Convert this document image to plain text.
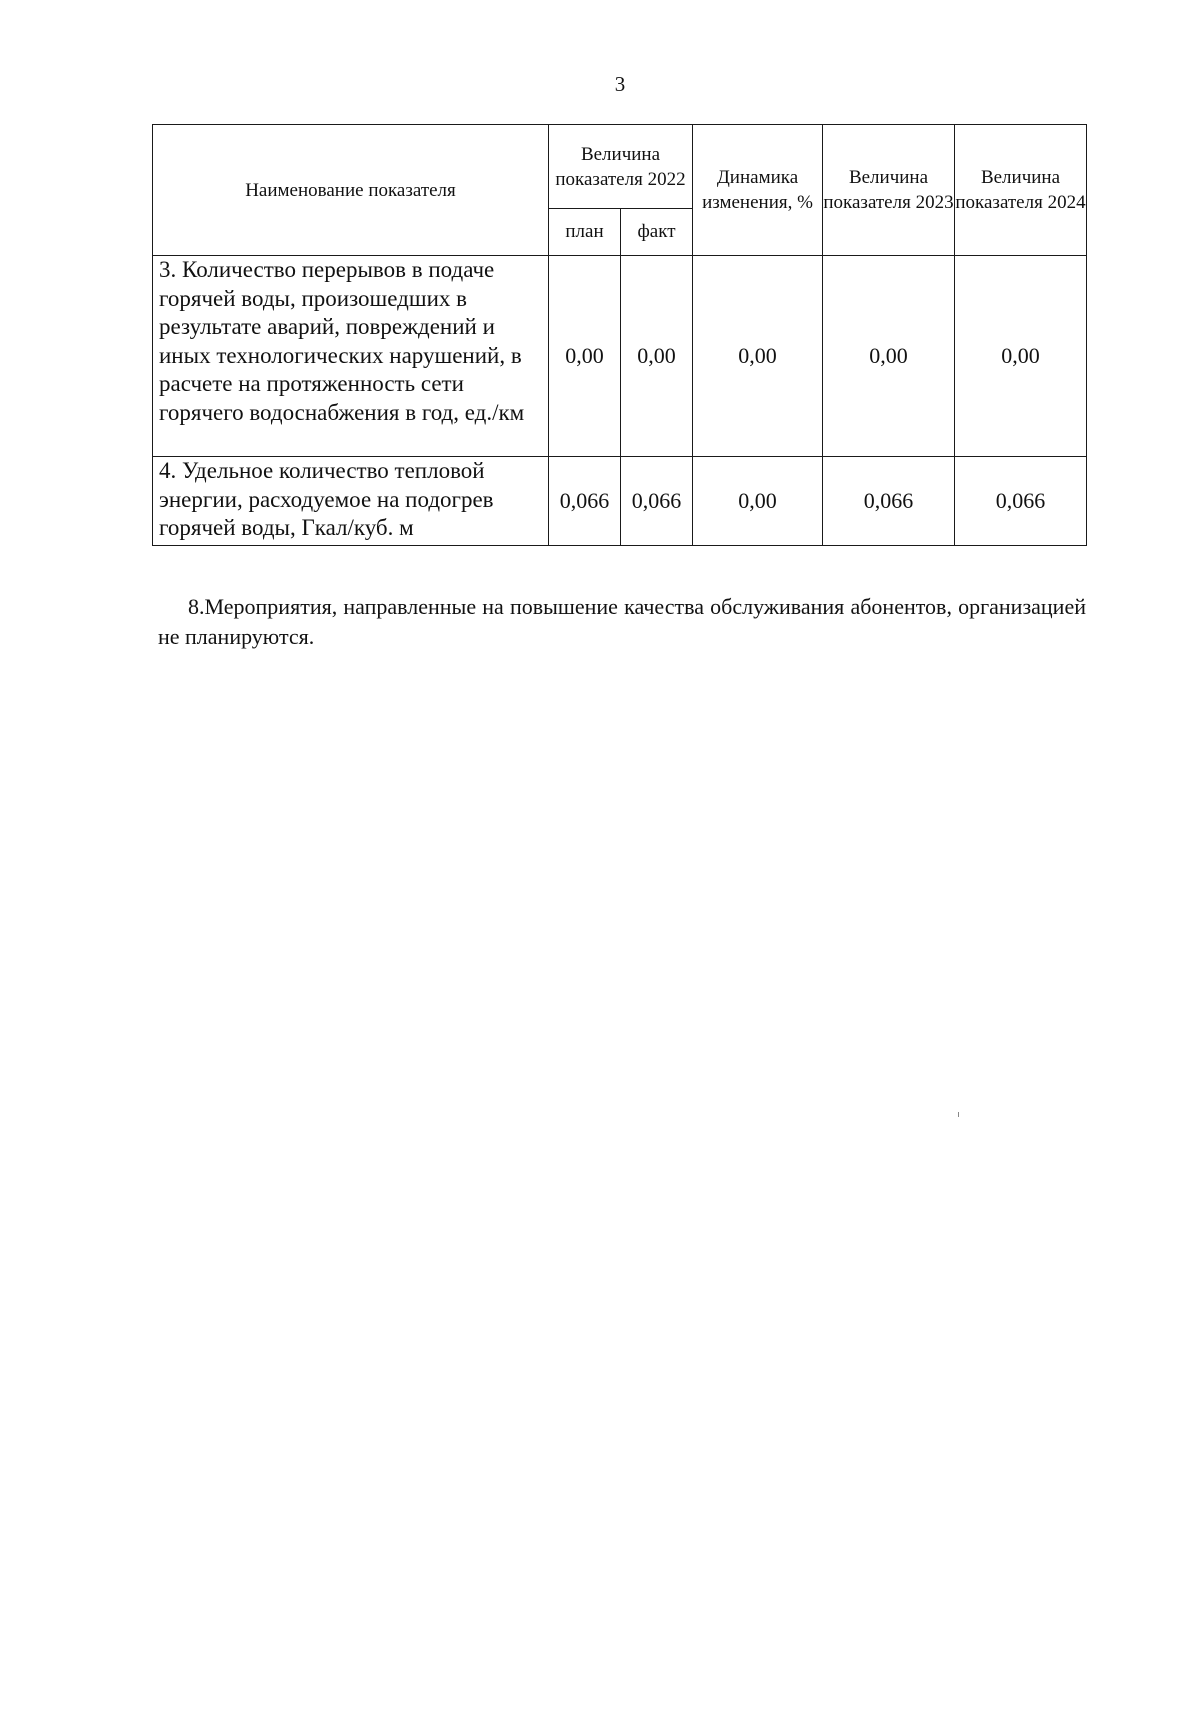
3
Наименование показателя	Величина показателя 2022		Динамика изменения, %	Величина показателя 2023	Величина показателя 2024
	план	факт			
3. Количество перерывов в подаче горячей воды, произошедших в результате аварий, повреждений и иных технологических нарушений, в расчете на протяженность сети горячего водоснабжения в год, ед./км	0,00	0,00	0,00	0,00	0,00
4. Удельное количество тепловой энергии, расходуемое на подогрев горячей воды, Гкал/куб. м	0,066	0,066	0,00	0,066	0,066

8.Мероприятия, направленные на повышение качества обслуживания абонентов, организацией не планируются.
